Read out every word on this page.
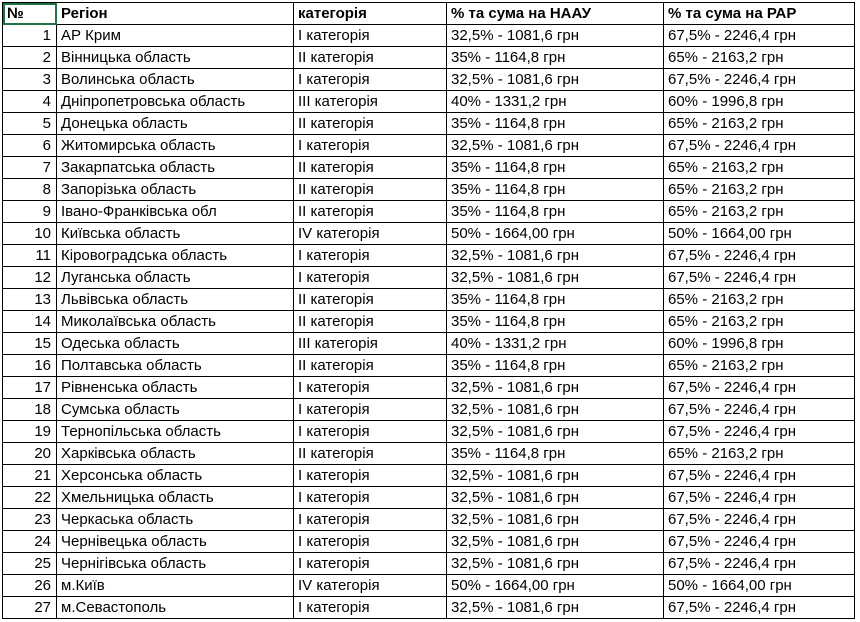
№	Регіон	категорія	% та сума на НААУ	% та сума на РАР
1	АР Крим	І категорія	32,5% - 1081,6 грн	67,5% - 2246,4 грн
2	Вінницька область	ІІ категорія	35% - 1164,8 грн	65% - 2163,2 грн
3	Волинська область	І категорія	32,5% - 1081,6 грн	67,5% - 2246,4 грн
4	Дніпропетровська область	ІІІ категорія	40% - 1331,2 грн	60% - 1996,8 грн
5	Донецька область	ІІ категорія	35% - 1164,8 грн	65% - 2163,2 грн
6	Житомирська область	І категорія	32,5% - 1081,6 грн	67,5% - 2246,4 грн
7	Закарпатська область	ІІ категорія	35% - 1164,8 грн	65% - 2163,2 грн
8	Запорізька область	ІІ категорія	35% - 1164,8 грн	65% - 2163,2 грн
9	Івано-Франківська обл	ІІ категорія	35% - 1164,8 грн	65% - 2163,2 грн
10	Київська область	ІV категорія	50% - 1664,00 грн	50% - 1664,00 грн
11	Кіровоградська область	І категорія	32,5% - 1081,6 грн	67,5% - 2246,4 грн
12	Луганська область	І категорія	32,5% - 1081,6 грн	67,5% - 2246,4 грн
13	Львівська область	ІІ категорія	35% - 1164,8 грн	65% - 2163,2 грн
14	Миколаївська область	ІІ категорія	35% - 1164,8 грн	65% - 2163,2 грн
15	Одеська область	ІІІ категорія	40% - 1331,2 грн	60% - 1996,8 грн
16	Полтавська область	ІІ категорія	35% - 1164,8 грн	65% - 2163,2 грн
17	Рівненська область	І категорія	32,5% - 1081,6 грн	67,5% - 2246,4 грн
18	Сумська область	І категорія	32,5% - 1081,6 грн	67,5% - 2246,4 грн
19	Тернопільська область	І категорія	32,5% - 1081,6 грн	67,5% - 2246,4 грн
20	Харківська область	ІІ категорія	35% - 1164,8 грн	65% - 2163,2 грн
21	Херсонська область	І категорія	32,5% - 1081,6 грн	67,5% - 2246,4 грн
22	Хмельницька область	І категорія	32,5% - 1081,6 грн	67,5% - 2246,4 грн
23	Черкаська область	І категорія	32,5% - 1081,6 грн	67,5% - 2246,4 грн
24	Чернівецька область	І категорія	32,5% - 1081,6 грн	67,5% - 2246,4 грн
25	Чернігівська область	І категорія	32,5% - 1081,6 грн	67,5% - 2246,4 грн
26	м.Київ	ІV категорія	50% - 1664,00 грн	50% - 1664,00 грн
27	м.Севастополь	І категорія	32,5% - 1081,6 грн	67,5% - 2246,4 грн
